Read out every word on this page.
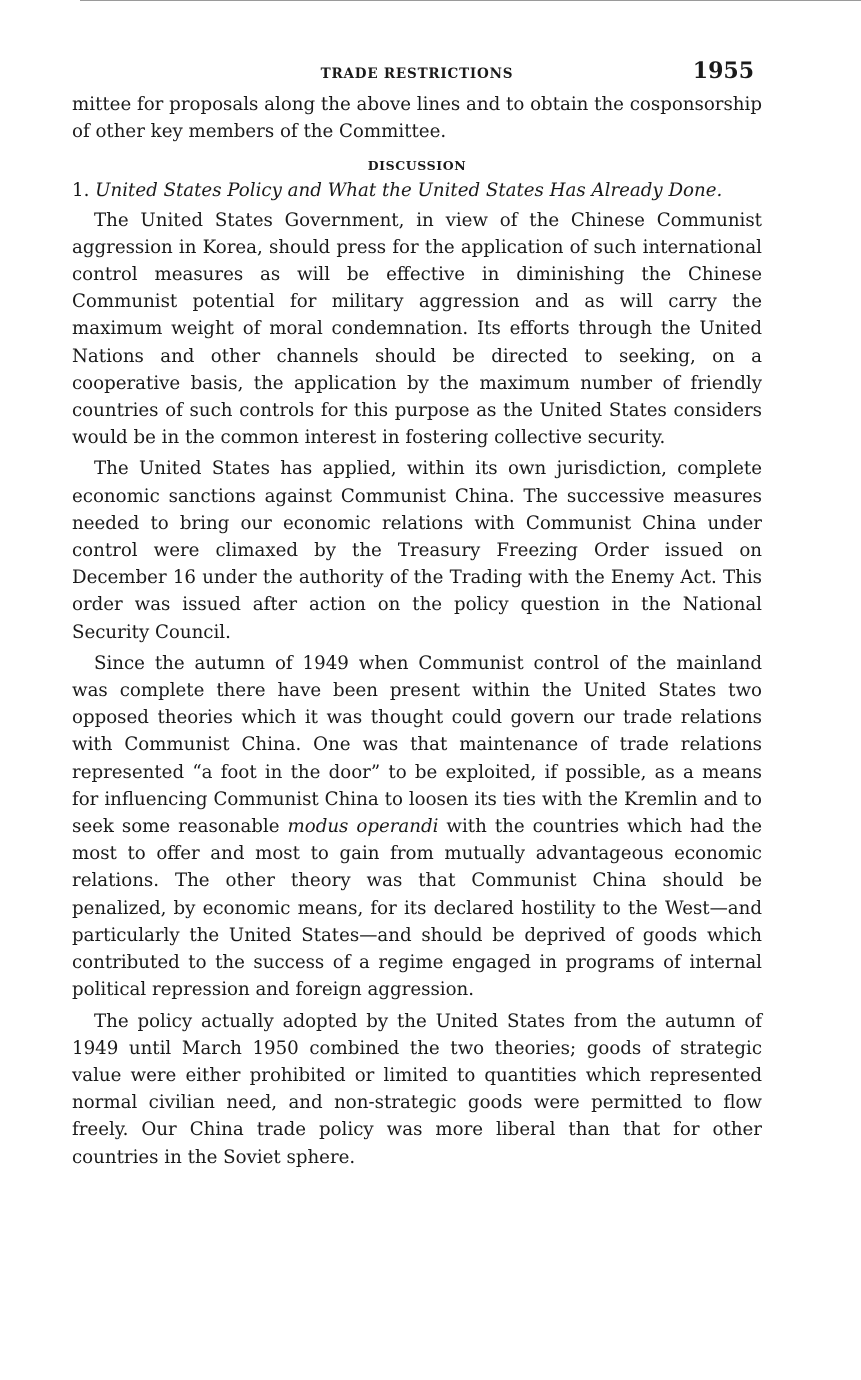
TRADE RESTRICTIONS	1955

mittee for proposals along the above lines and to obtain the cosponsorship of other key members of the Committee.

DISCUSSION
1. United States Policy and What the United States Has Already Done.

The United States Government, in view of the Chinese Communist aggression in Korea, should press for the application of such international control measures as will be effective in diminishing the Chinese Communist potential for military aggression and as will carry the maximum weight of moral condemnation. Its efforts through the United Nations and other channels should be directed to seeking, on a cooperative basis, the application by the maximum number of friendly countries of such controls for this purpose as the United States considers would be in the common interest in fostering collective security.

The United States has applied, within its own jurisdiction, complete economic sanctions against Communist China. The successive measures needed to bring our economic relations with Communist China under control were climaxed by the Treasury Freezing Order issued on December 16 under the authority of the Trading with the Enemy Act. This order was issued after action on the policy question in the National Security Council.

Since the autumn of 1949 when Communist control of the mainland was complete there have been present within the United States two opposed theories which it was thought could govern our trade relations with Communist China. One was that maintenance of trade relations represented “a foot in the door” to be exploited, if possible, as a means for influencing Communist China to loosen its ties with the Kremlin and to seek some reasonable modus operandi with the countries which had the most to offer and most to gain from mutually advantageous economic relations. The other theory was that Communist China should be penalized, by economic means, for its declared hostility to the West—and particularly the United States—and should be deprived of goods which contributed to the success of a regime engaged in programs of internal political repression and foreign aggression.

The policy actually adopted by the United States from the autumn of 1949 until March 1950 combined the two theories; goods of strategic value were either prohibited or limited to quantities which represented normal civilian need, and non-strategic goods were permitted to flow freely. Our China trade policy was more liberal than that for other countries in the Soviet sphere.
